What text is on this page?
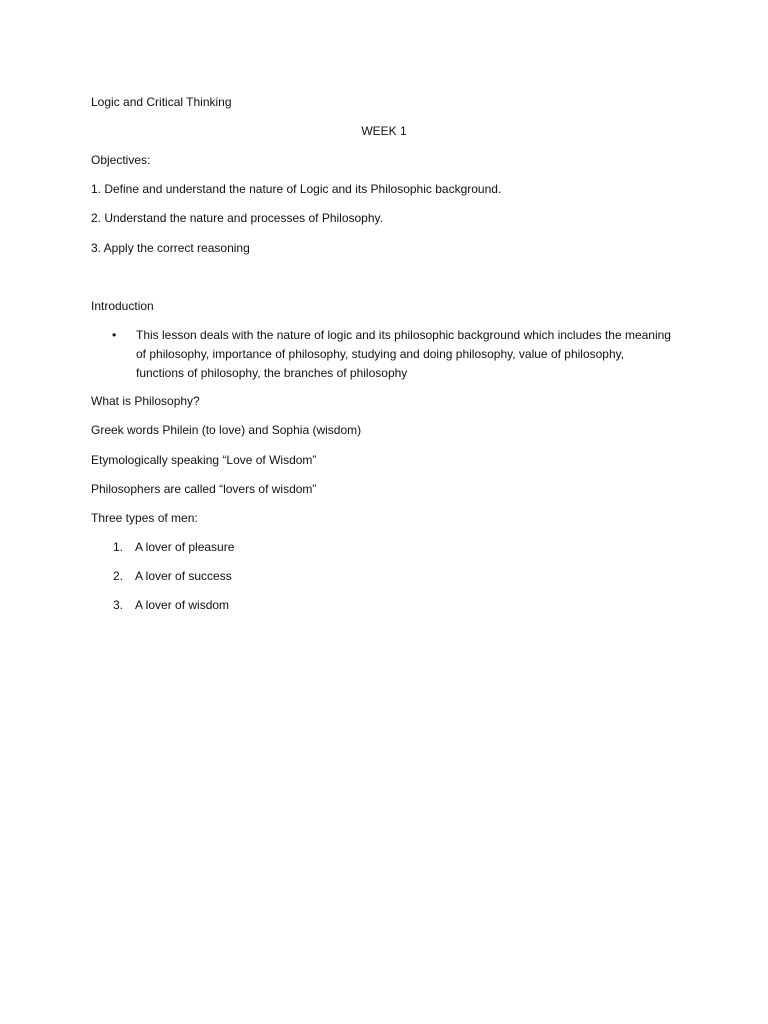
Logic and Critical Thinking
WEEK 1
Objectives:
1. Define and understand the nature of Logic and its Philosophic background.
2. Understand the nature and processes of Philosophy.
3. Apply the correct reasoning
Introduction
• This lesson deals with the nature of logic and its philosophic background which includes the meaning of philosophy, importance of philosophy, studying and doing philosophy, value of philosophy, functions of philosophy, the branches of philosophy
What is Philosophy?
Greek words Philein (to love) and Sophia (wisdom)
Etymologically speaking “Love of Wisdom”
Philosophers are called “lovers of wisdom”
Three types of men:
1. A lover of pleasure
2. A lover of success
3. A lover of wisdom
